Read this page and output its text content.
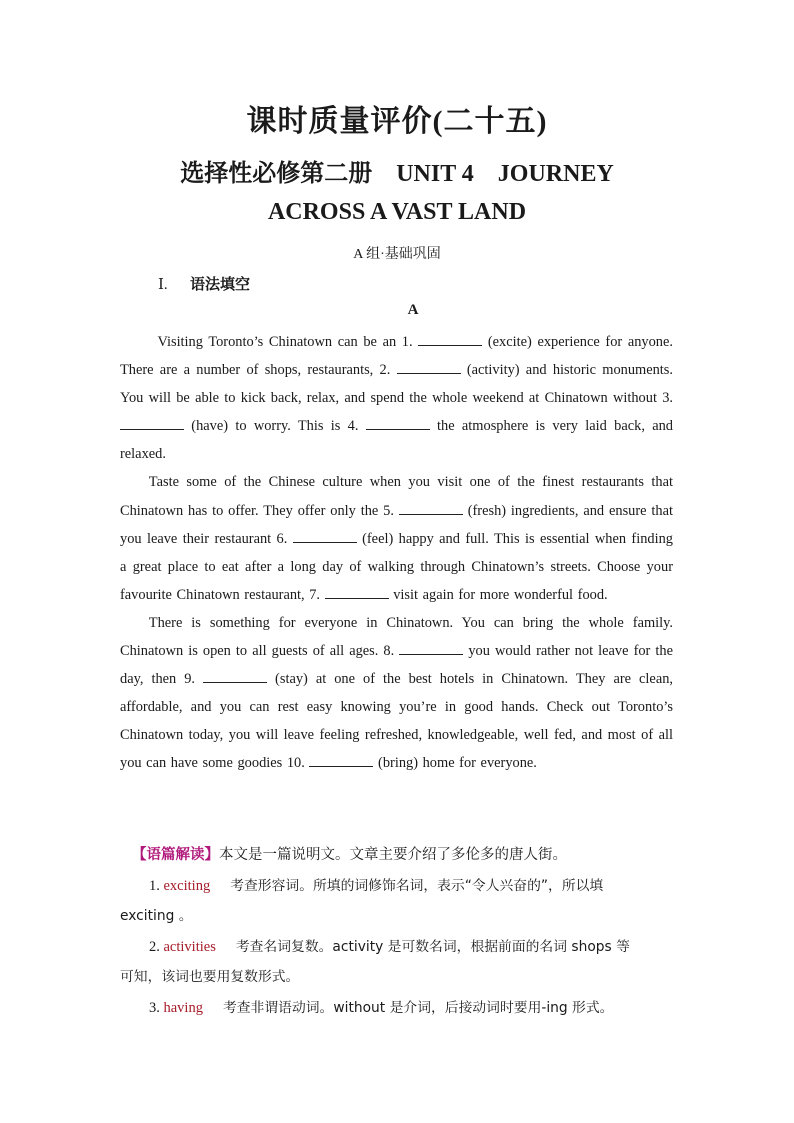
课时质量评价(二十五)
选择性必修第二册　UNIT 4　JOURNEY
ACROSS A VAST LAND
A 组·基础巩固
Ⅰ. 语法填空
A

Visiting Toronto’s Chinatown can be an 1.	(excite) experience for anyone. There are a number of shops, restaurants, 2.	(activity) and historic monuments. You will be able to kick back, relax, and spend the whole weekend at Chinatown without 3.  (have) to worry. This is 4.	the atmosphere is very laid back, and relaxed.

Taste some of the Chinese culture when you visit one of the finest restaurants that Chinatown has to offer. They offer only the 5.	(fresh) ingredients, and ensure that you leave their restaurant 6.	(feel) happy and full. This is essential when finding a great place to eat after a long day of walking through Chinatown’s streets. Choose your favourite Chinatown restaurant, 7.	visit again for more wonderful food.

There is something for everyone in Chinatown. You can bring the whole family. Chinatown is open to all guests of all ages. 8.	you would rather not leave for the day, then 9.	(stay) at one of the best hotels in Chinatown. They are clean, affordable, and you can rest easy knowing you’re in good hands. Check out Toronto’s Chinatown today, you will leave feeling refreshed, knowledgeable, well fed, and most of all you can have some goodies 10.	(bring) home for everyone.

【语篇解读】本文是一篇说明文。文章主要介绍了多伦多的唐人街。
1. exciting 考查形容词。所填的词修饰名词，表示“令人兴奋的”，所以填
exciting 。
2. activities 考查名词复数。activity 是可数名词，根据前面的名词 shops 等
可知，该词也要用复数形式。
3. having 考查非谓语动词。without 是介词，后接动词时要用-ing 形式。
